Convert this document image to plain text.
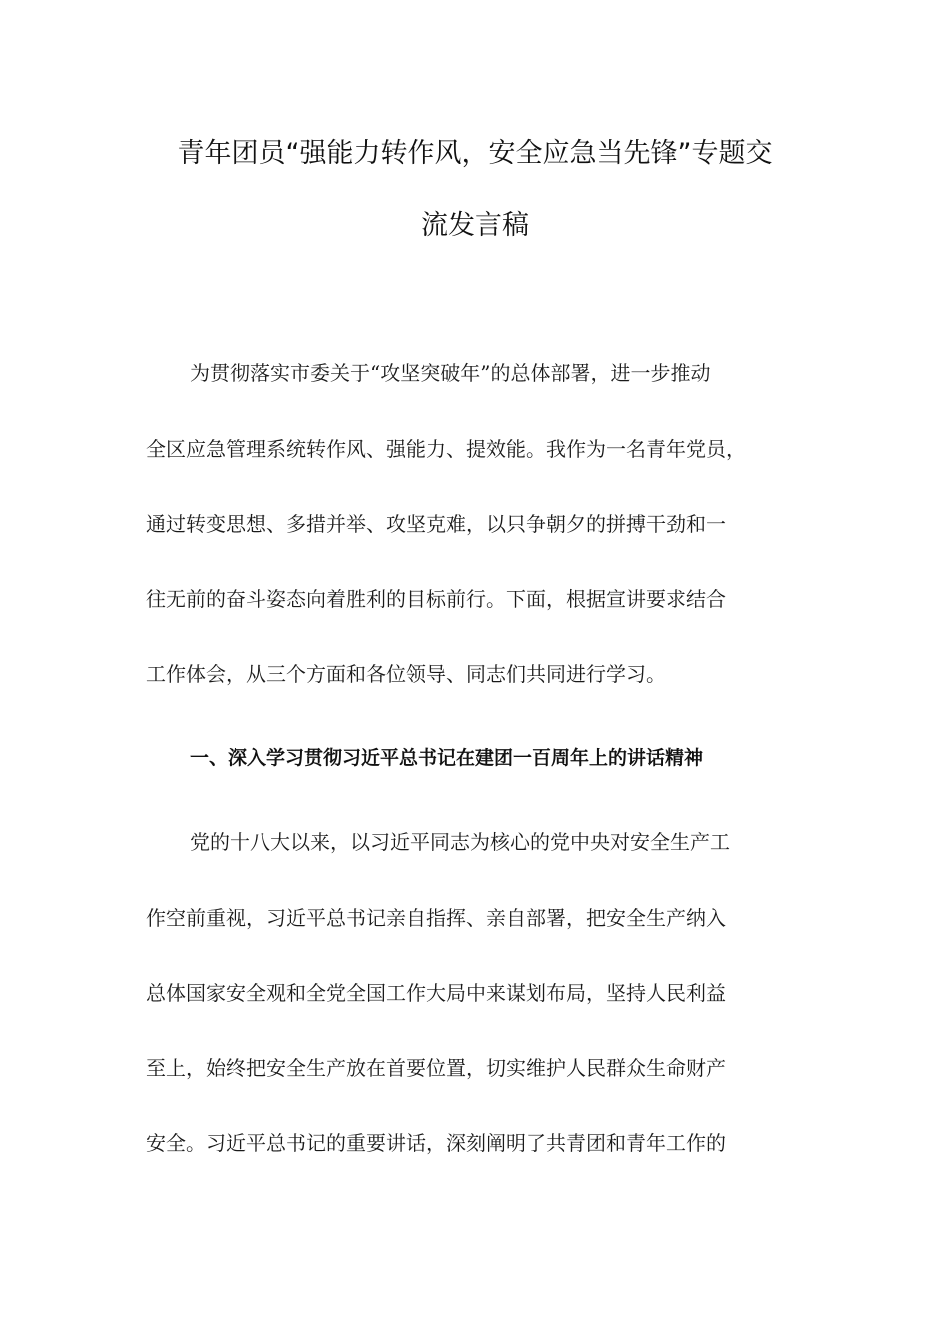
青年团员“强能力转作风，安全应急当先锋”专题交
流发言稿
为贯彻落实市委关于“攻坚突破年”的总体部署，进一步推动
全区应急管理系统转作风、强能力、提效能。我作为一名青年党员，
通过转变思想、多措并举、攻坚克难，以只争朝夕的拼搏干劲和一
往无前的奋斗姿态向着胜利的目标前行。下面，根据宣讲要求结合
工作体会，从三个方面和各位领导、同志们共同进行学习。
一、深入学习贯彻习近平总书记在建团一百周年上的讲话精神
党的十八大以来，以习近平同志为核心的党中央对安全生产工
作空前重视，习近平总书记亲自指挥、亲自部署，把安全生产纳入
总体国家安全观和全党全国工作大局中来谋划布局，坚持人民利益
至上，始终把安全生产放在首要位置，切实维护人民群众生命财产
安全。习近平总书记的重要讲话，深刻阐明了共青团和青年工作的
